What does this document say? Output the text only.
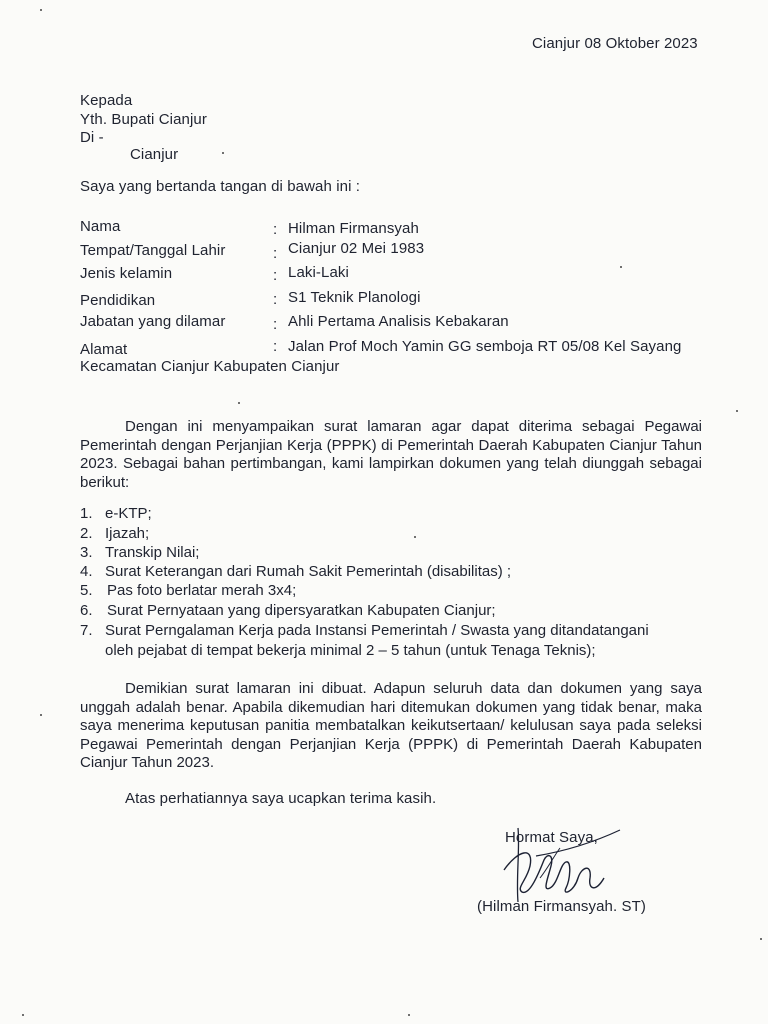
Cianjur 08 Oktober 2023
Kepada
Yth. Bupati Cianjur
Di -
Cianjur
Saya yang bertanda tangan di bawah ini :
Nama	: Hilman Firmansyah
Tempat/Tanggal Lahir	: Cianjur 02 Mei 1983
Jenis kelamin	: Laki-Laki
Pendidikan	: S1 Teknik Planologi
Jabatan yang dilamar	: Ahli Pertama Analisis Kebakaran
Alamat	: Jalan Prof Moch Yamin GG semboja RT 05/08 Kel Sayang
Kecamatan Cianjur Kabupaten Cianjur
Dengan ini menyampaikan surat lamaran agar dapat diterima sebagai Pegawai Pemerintah dengan Perjanjian Kerja (PPPK) di Pemerintah Daerah Kabupaten Cianjur Tahun 2023. Sebagai bahan pertimbangan, kami lampirkan dokumen yang telah diunggah sebagai berikut:
1. e-KTP;
2. Ijazah;
3. Transkip Nilai;
4. Surat Keterangan dari Rumah Sakit Pemerintah (disabilitas) ;
5. Pas foto berlatar merah 3x4;
6. Surat Pernyataan yang dipersyaratkan Kabupaten Cianjur;
7. Surat Perngalaman Kerja pada Instansi Pemerintah / Swasta yang ditandatangani
oleh pejabat di tempat bekerja minimal 2 – 5 tahun (untuk Tenaga Teknis);
Demikian surat lamaran ini dibuat. Adapun seluruh data dan dokumen yang saya unggah adalah benar. Apabila dikemudian hari ditemukan dokumen yang tidak benar, maka saya menerima keputusan panitia membatalkan keikutsertaan/ kelulusan saya pada seleksi Pegawai Pemerintah dengan Perjanjian Kerja (PPPK) di Pemerintah Daerah Kabupaten Cianjur Tahun 2023.
Atas perhatiannya saya ucapkan terima kasih.
Hormat Saya,
(Hilman Firmansyah. ST)
